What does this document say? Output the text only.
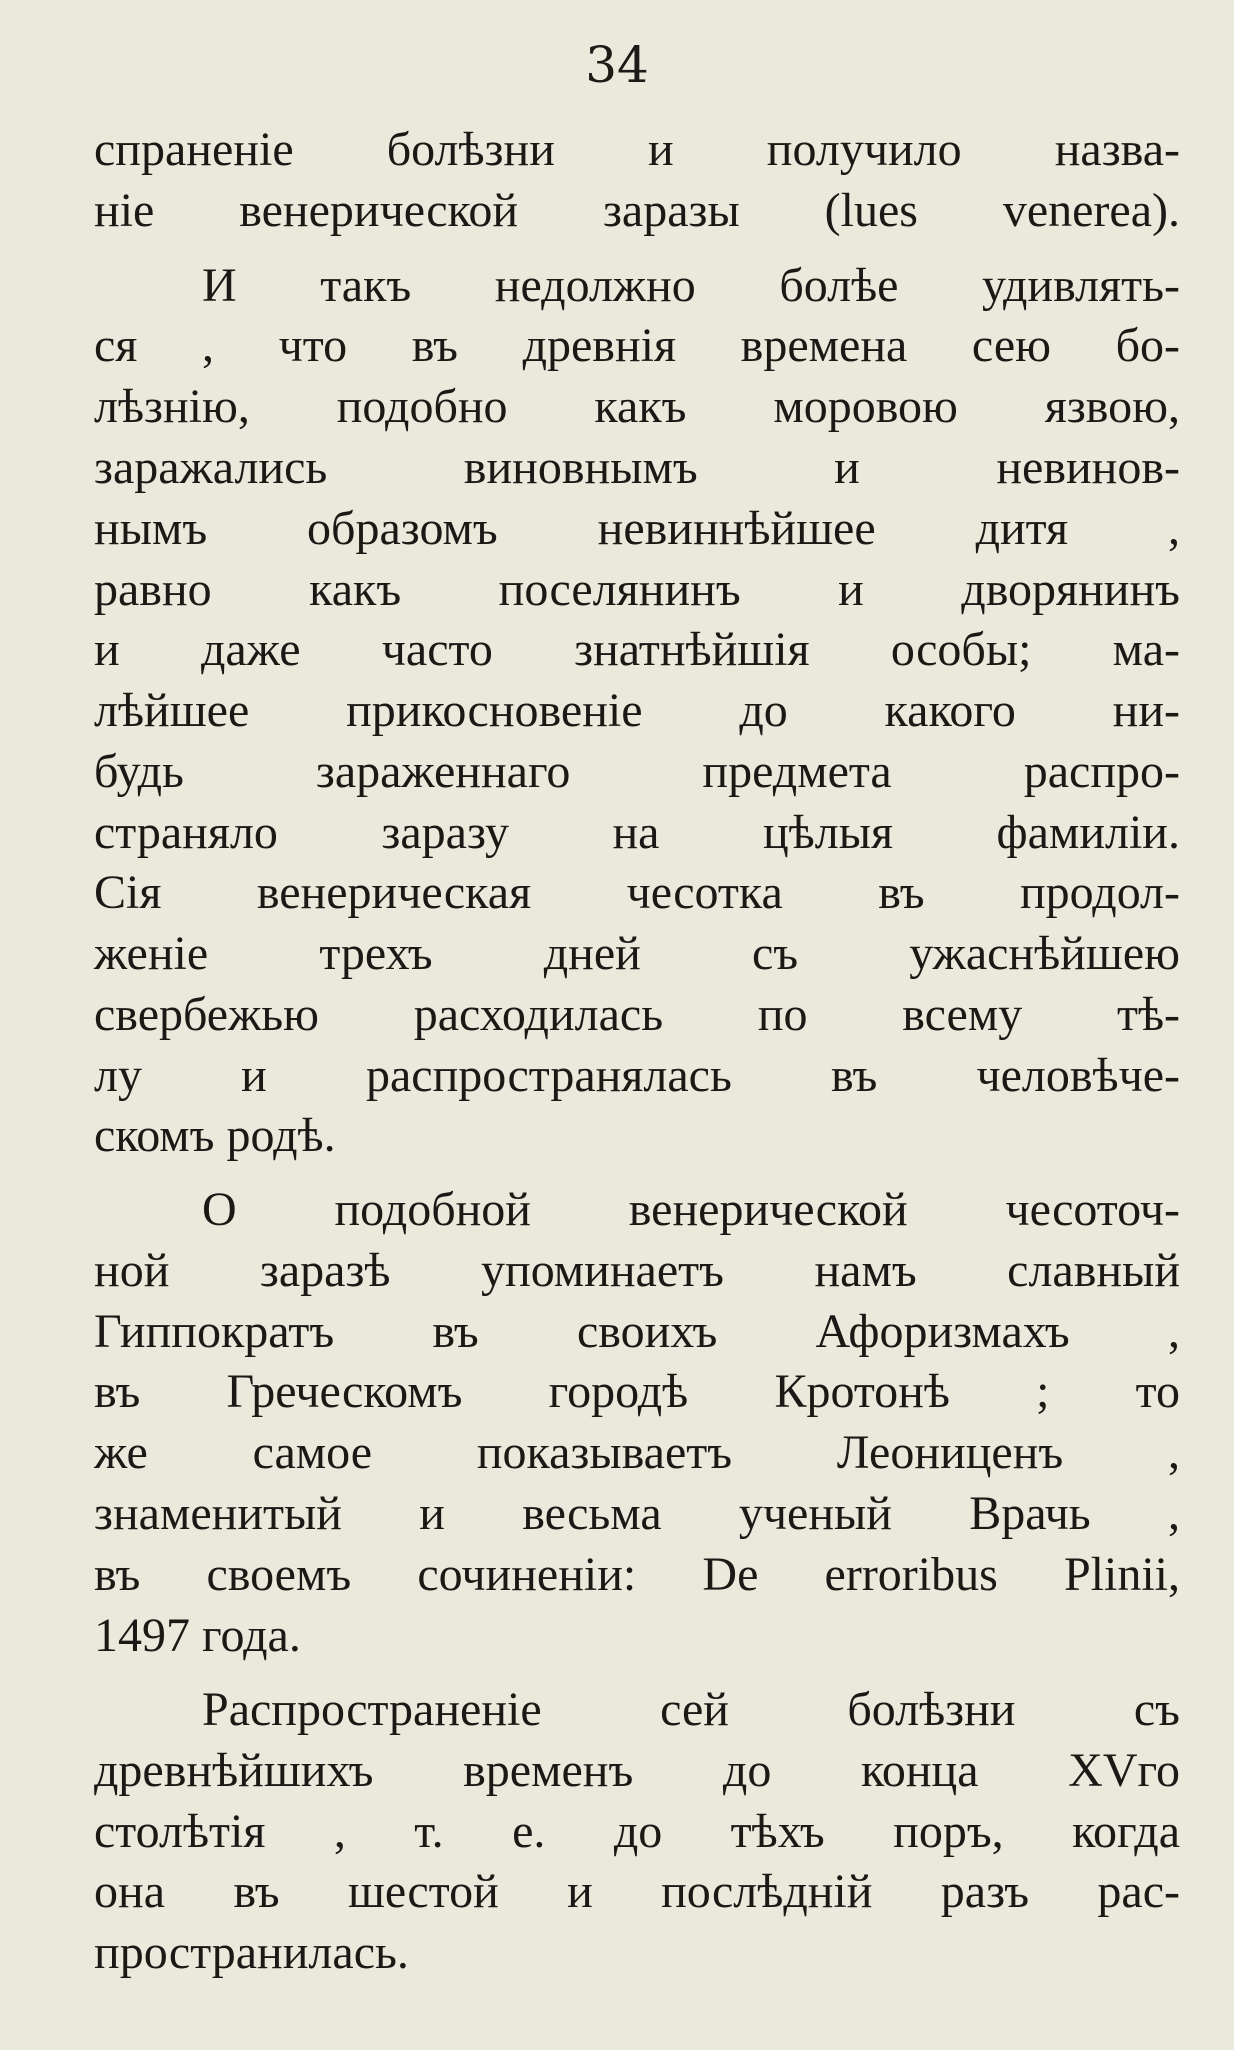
34
спраненіе болѣзни и получило назва-
ніе венерической заразы (lues venerea).
И такъ недолжно болѣе удивлять-
ся , что въ древнія времена сею бо-
лѣзнію, подобно какъ моровою язвою,
заражались виновнымъ и невинов-
нымъ образомъ невиннѣйшее дитя ,
равно какъ поселянинъ и дворянинъ
и даже часто знатнѣйшія особы; ма-
лѣйшее прикосновеніе до какого ни-
будь зараженнаго предмета распро-
страняло заразу на цѣлыя фамиліи.
Сія венерическая чесотка въ продол-
женіе трехъ дней съ ужаснѣйшею
свербежью расходилась по всему тѣ-
лу и распространялась въ человѣче-
скомъ родѣ.
О подобной венерической чесоточ-
ной заразѣ упоминаетъ намъ славный
Гиппократъ въ своихъ Афоризмахъ ,
въ Греческомъ городѣ Кротонѣ ; то
же самое показываетъ Леониценъ ,
знаменитый и весьма ученый Врачь ,
въ своемъ сочиненіи: De erroribus Plinii,
1497 года.
Распространеніе сей болѣзни съ
древнѣйшихъ временъ до конца XVго
столѣтія , т. е. до тѣхъ поръ, когда
она въ шестой и послѣдній разъ рас-
пространилась.
